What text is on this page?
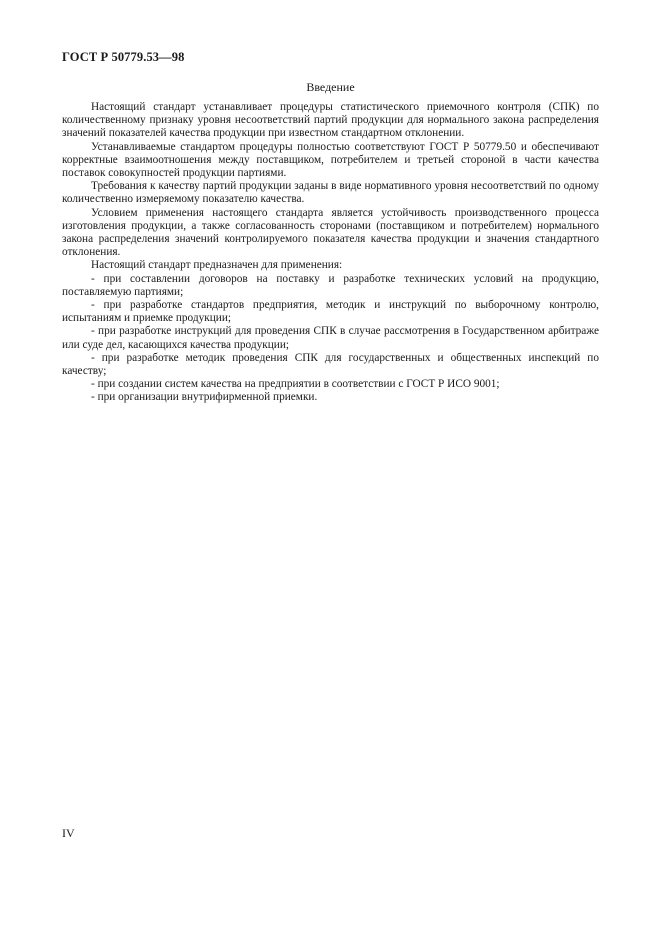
ГОСТ Р 50779.53—98
Введение

Настоящий стандарт устанавливает процедуры статистического приемочного контроля (СПК) по количественному признаку уровня несоответствий партий продукции для нормального закона распределения значений показателей качества продукции при известном стандартном отклонении.

Устанавливаемые стандартом процедуры полностью соответствуют ГОСТ Р 50779.50 и обеспечивают корректные взаимоотношения между поставщиком, потребителем и третьей стороной в части качества поставок совокупностей продукции партиями.

Требования к качеству партий продукции заданы в виде нормативного уровня несоответствий по одному количественно измеряемому показателю качества.

Условием применения настоящего стандарта является устойчивость производственного процесса изготовления продукции, а также согласованность сторонами (поставщиком и потребителем) нормального закона распределения значений контролируемого показателя качества продукции и значения стандартного отклонения.

Настоящий стандарт предназначен для применения:

- при составлении договоров на поставку и разработке технических условий на продукцию, поставляемую партиями;

- при разработке стандартов предприятия, методик и инструкций по выборочному контролю, испытаниям и приемке продукции;

- при разработке инструкций для проведения СПК в случае рассмотрения в Государственном арбитраже или суде дел, касающихся качества продукции;

- при разработке методик проведения СПК для государственных и общественных инспекций по качеству;

- при создании систем качества на предприятии в соответствии с ГОСТ Р ИСО 9001;

- при организации внутрифирменной приемки.

IV
